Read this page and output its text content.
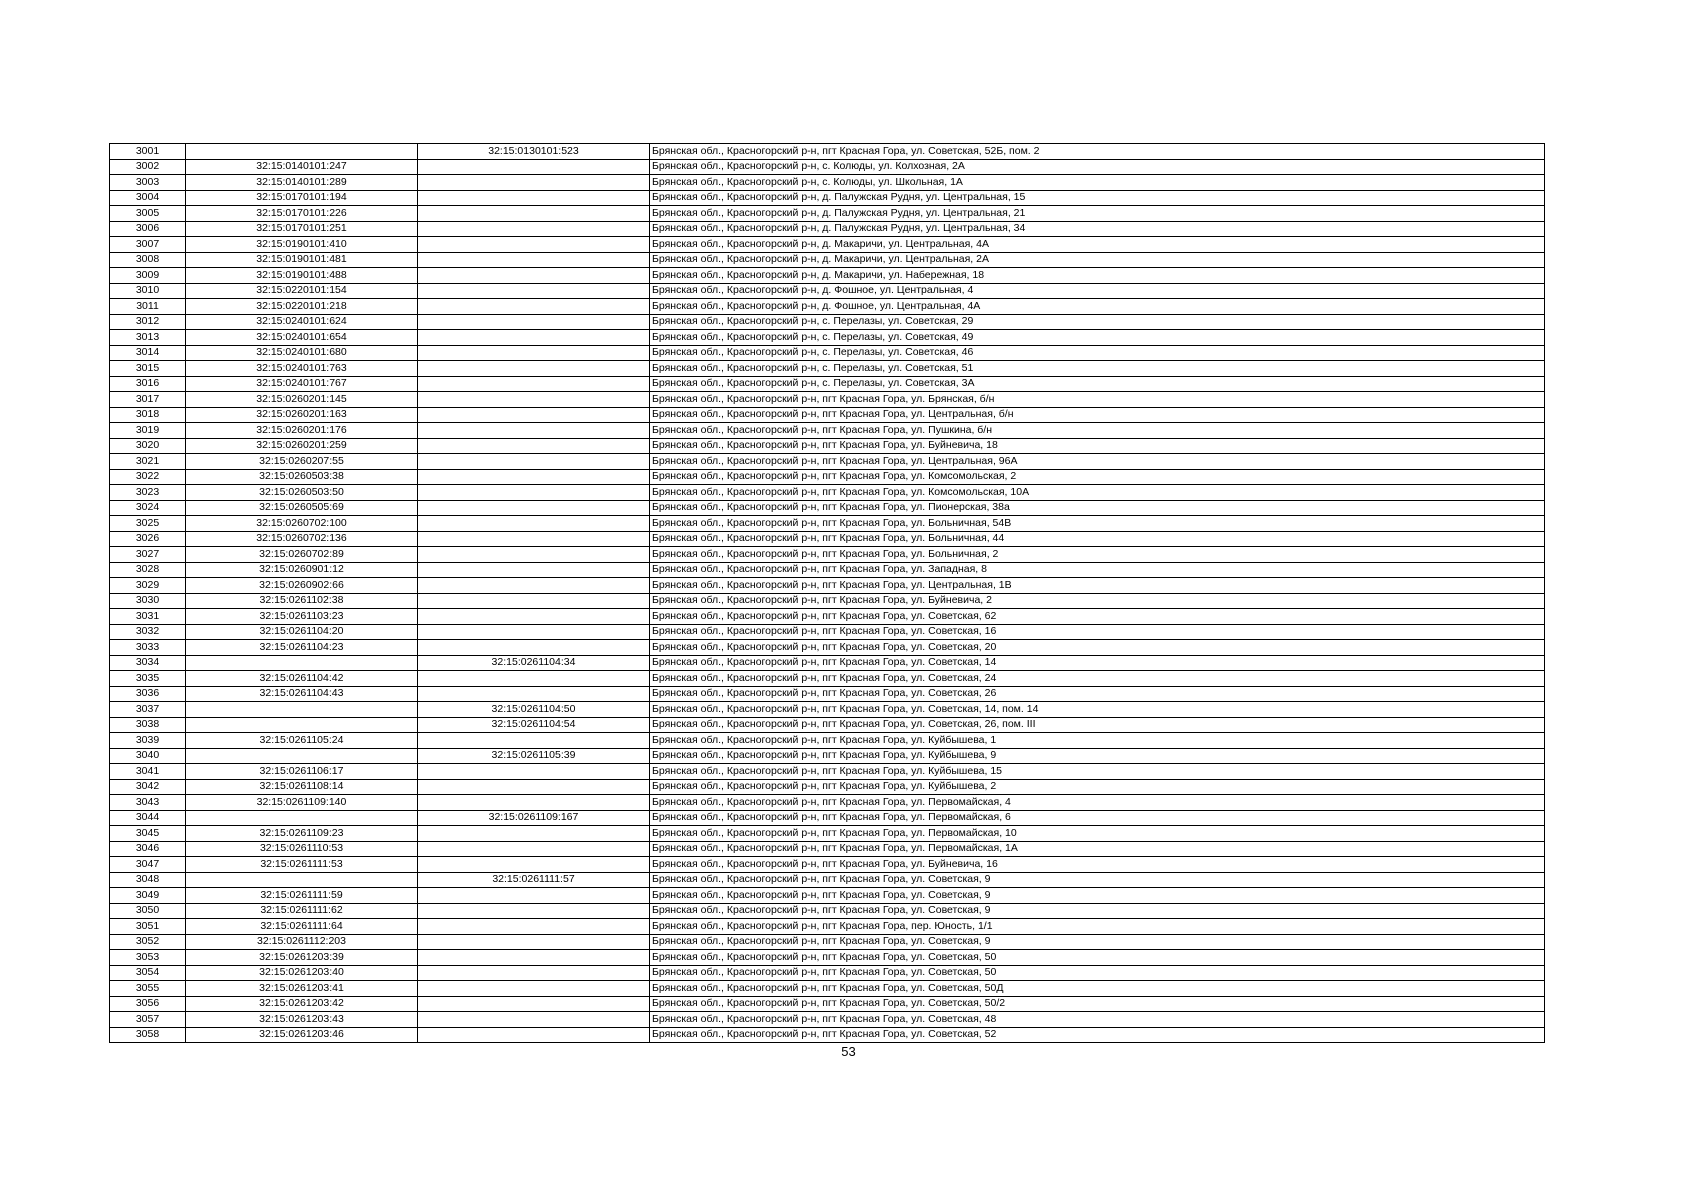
3001		32:15:0130101:523	Брянская обл., Красногорский р-н, пгт Красная Гора, ул. Советская, 52Б, пом. 2
3002	32:15:0140101:247		Брянская обл., Красногорский р-н, с. Колюды, ул. Колхозная, 2А
3003	32:15:0140101:289		Брянская обл., Красногорский р-н, с. Колюды, ул. Школьная, 1А
3004	32:15:0170101:194		Брянская обл., Красногорский р-н, д. Палужская Рудня, ул. Центральная, 15
3005	32:15:0170101:226		Брянская обл., Красногорский р-н, д. Палужская Рудня, ул. Центральная, 21
3006	32:15:0170101:251		Брянская обл., Красногорский р-н, д. Палужская Рудня, ул. Центральная, 34
3007	32:15:0190101:410		Брянская обл., Красногорский р-н, д. Макаричи, ул. Центральная, 4А
3008	32:15:0190101:481		Брянская обл., Красногорский р-н, д. Макаричи, ул. Центральная, 2А
3009	32:15:0190101:488		Брянская обл., Красногорский р-н, д. Макаричи, ул. Набережная, 18
3010	32:15:0220101:154		Брянская обл., Красногорский р-н, д. Фошное, ул. Центральная, 4
3011	32:15:0220101:218		Брянская обл., Красногорский р-н, д. Фошное, ул. Центральная, 4А
3012	32:15:0240101:624		Брянская обл., Красногорский р-н, с. Перелазы, ул. Советская, 29
3013	32:15:0240101:654		Брянская обл., Красногорский р-н, с. Перелазы, ул. Советская, 49
3014	32:15:0240101:680		Брянская обл., Красногорский р-н, с. Перелазы, ул. Советская, 46
3015	32:15:0240101:763		Брянская обл., Красногорский р-н, с. Перелазы, ул. Советская, 51
3016	32:15:0240101:767		Брянская обл., Красногорский р-н, с. Перелазы, ул. Советская, 3А
3017	32:15:0260201:145		Брянская обл., Красногорский р-н, пгт Красная Гора, ул. Брянская, б/н
3018	32:15:0260201:163		Брянская обл., Красногорский р-н, пгт Красная Гора, ул. Центральная, б/н
3019	32:15:0260201:176		Брянская обл., Красногорский р-н, пгт Красная Гора, ул. Пушкина, б/н
3020	32:15:0260201:259		Брянская обл., Красногорский р-н, пгт Красная Гора, ул. Буйневича, 18
3021	32:15:0260207:55		Брянская обл., Красногорский р-н, пгт Красная Гора, ул. Центральная, 96А
3022	32:15:0260503:38		Брянская обл., Красногорский р-н, пгт Красная Гора, ул. Комсомольская, 2
3023	32:15:0260503:50		Брянская обл., Красногорский р-н, пгт Красная Гора, ул. Комсомольская, 10А
3024	32:15:0260505:69		Брянская обл., Красногорский р-н, пгт Красная Гора, ул. Пионерская, 38а
3025	32:15:0260702:100		Брянская обл., Красногорский р-н, пгт Красная Гора, ул. Больничная, 54В
3026	32:15:0260702:136		Брянская обл., Красногорский р-н, пгт Красная Гора, ул. Больничная, 44
3027	32:15:0260702:89		Брянская обл., Красногорский р-н, пгт Красная Гора, ул. Больничная, 2
3028	32:15:0260901:12		Брянская обл., Красногорский р-н, пгт Красная Гора, ул. Западная, 8
3029	32:15:0260902:66		Брянская обл., Красногорский р-н, пгт Красная Гора, ул. Центральная, 1В
3030	32:15:0261102:38		Брянская обл., Красногорский р-н, пгт Красная Гора, ул. Буйневича, 2
3031	32:15:0261103:23		Брянская обл., Красногорский р-н, пгт Красная Гора, ул. Советская, 62
3032	32:15:0261104:20		Брянская обл., Красногорский р-н, пгт Красная Гора, ул. Советская, 16
3033	32:15:0261104:23		Брянская обл., Красногорский р-н, пгт Красная Гора, ул. Советская, 20
3034		32:15:0261104:34	Брянская обл., Красногорский р-н, пгт Красная Гора, ул. Советская, 14
3035	32:15:0261104:42		Брянская обл., Красногорский р-н, пгт Красная Гора, ул. Советская, 24
3036	32:15:0261104:43		Брянская обл., Красногорский р-н, пгт Красная Гора, ул. Советская, 26
3037		32:15:0261104:50	Брянская обл., Красногорский р-н, пгт Красная Гора, ул. Советская, 14, пом. 14
3038		32:15:0261104:54	Брянская обл., Красногорский р-н, пгт Красная Гора, ул. Советская, 26, пом. III
3039	32:15:0261105:24		Брянская обл., Красногорский р-н, пгт Красная Гора, ул. Куйбышева, 1
3040		32:15:0261105:39	Брянская обл., Красногорский р-н, пгт Красная Гора, ул. Куйбышева, 9
3041	32:15:0261106:17		Брянская обл., Красногорский р-н, пгт Красная Гора, ул. Куйбышева, 15
3042	32:15:0261108:14		Брянская обл., Красногорский р-н, пгт Красная Гора, ул. Куйбышева, 2
3043	32:15:0261109:140		Брянская обл., Красногорский р-н, пгт Красная Гора, ул. Первомайская, 4
3044		32:15:0261109:167	Брянская обл., Красногорский р-н, пгт Красная Гора, ул. Первомайская, 6
3045	32:15:0261109:23		Брянская обл., Красногорский р-н, пгт Красная Гора, ул. Первомайская, 10
3046	32:15:0261110:53		Брянская обл., Красногорский р-н, пгт Красная Гора, ул. Первомайская, 1А
3047	32:15:0261111:53		Брянская обл., Красногорский р-н, пгт Красная Гора, ул. Буйневича, 16
3048		32:15:0261111:57	Брянская обл., Красногорский р-н, пгт Красная Гора, ул. Советская, 9
3049	32:15:0261111:59		Брянская обл., Красногорский р-н, пгт Красная Гора, ул. Советская, 9
3050	32:15:0261111:62		Брянская обл., Красногорский р-н, пгт Красная Гора, ул. Советская, 9
3051	32:15:0261111:64		Брянская обл., Красногорский р-н, пгт Красная Гора, пер. Юность, 1/1
3052	32:15:0261112:203		Брянская обл., Красногорский р-н, пгт Красная Гора, ул. Советская, 9
3053	32:15:0261203:39		Брянская обл., Красногорский р-н, пгт Красная Гора, ул. Советская, 50
3054	32:15:0261203:40		Брянская обл., Красногорский р-н, пгт Красная Гора, ул. Советская, 50
3055	32:15:0261203:41		Брянская обл., Красногорский р-н, пгт Красная Гора, ул. Советская, 50Д
3056	32:15:0261203:42		Брянская обл., Красногорский р-н, пгт Красная Гора, ул. Советская, 50/2
3057	32:15:0261203:43		Брянская обл., Красногорский р-н, пгт Красная Гора, ул. Советская, 48
3058	32:15:0261203:46		Брянская обл., Красногорский р-н, пгт Красная Гора, ул. Советская, 52
53
